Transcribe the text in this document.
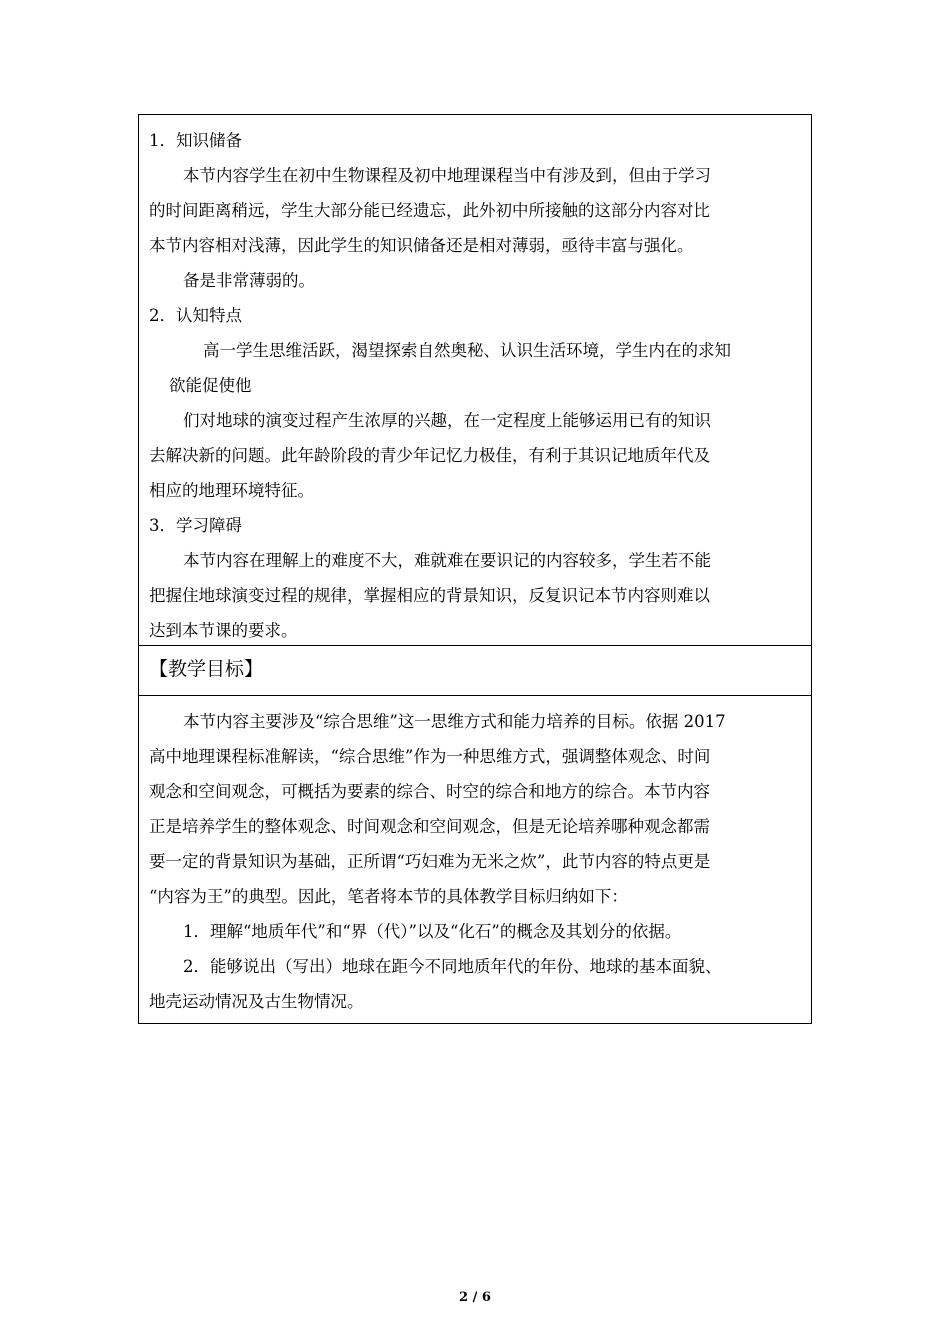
1．知识储备

本节内容学生在初中生物课程及初中地理课程当中有涉及到，但由于学习

的时间距离稍远，学生大部分能已经遗忘，此外初中所接触的这部分内容对比

本节内容相对浅薄，因此学生的知识储备还是相对薄弱，亟待丰富与强化。

备是非常薄弱的。

2．认知特点

高一学生思维活跃，渴望探索自然奥秘、认识生活环境，学生内在的求知

欲能促使他

们对地球的演变过程产生浓厚的兴趣，在一定程度上能够运用已有的知识

去解决新的问题。此年龄阶段的青少年记忆力极佳，有利于其识记地质年代及

相应的地理环境特征。

3．学习障碍

本节内容在理解上的难度不大，难就难在要识记的内容较多，学生若不能

把握住地球演变过程的规律，掌握相应的背景知识，反复识记本节内容则难以

达到本节课的要求。

【教学目标】

本节内容主要涉及“综合思维”这一思维方式和能力培养的目标。依据 2017

高中地理课程标准解读，“综合思维”作为一种思维方式，强调整体观念、时间

观念和空间观念，可概括为要素的综合、时空的综合和地方的综合。本节内容

正是培养学生的整体观念、时间观念和空间观念，但是无论培养哪种观念都需

要一定的背景知识为基础，正所谓“巧妇难为无米之炊”，此节内容的特点更是

“内容为王”的典型。因此，笔者将本节的具体教学目标归纳如下：

1．理解“地质年代”和“界（代）”以及“化石”的概念及其划分的依据。

2．能够说出（写出）地球在距今不同地质年代的年份、地球的基本面貌、

地壳运动情况及古生物情况。

2 / 6
